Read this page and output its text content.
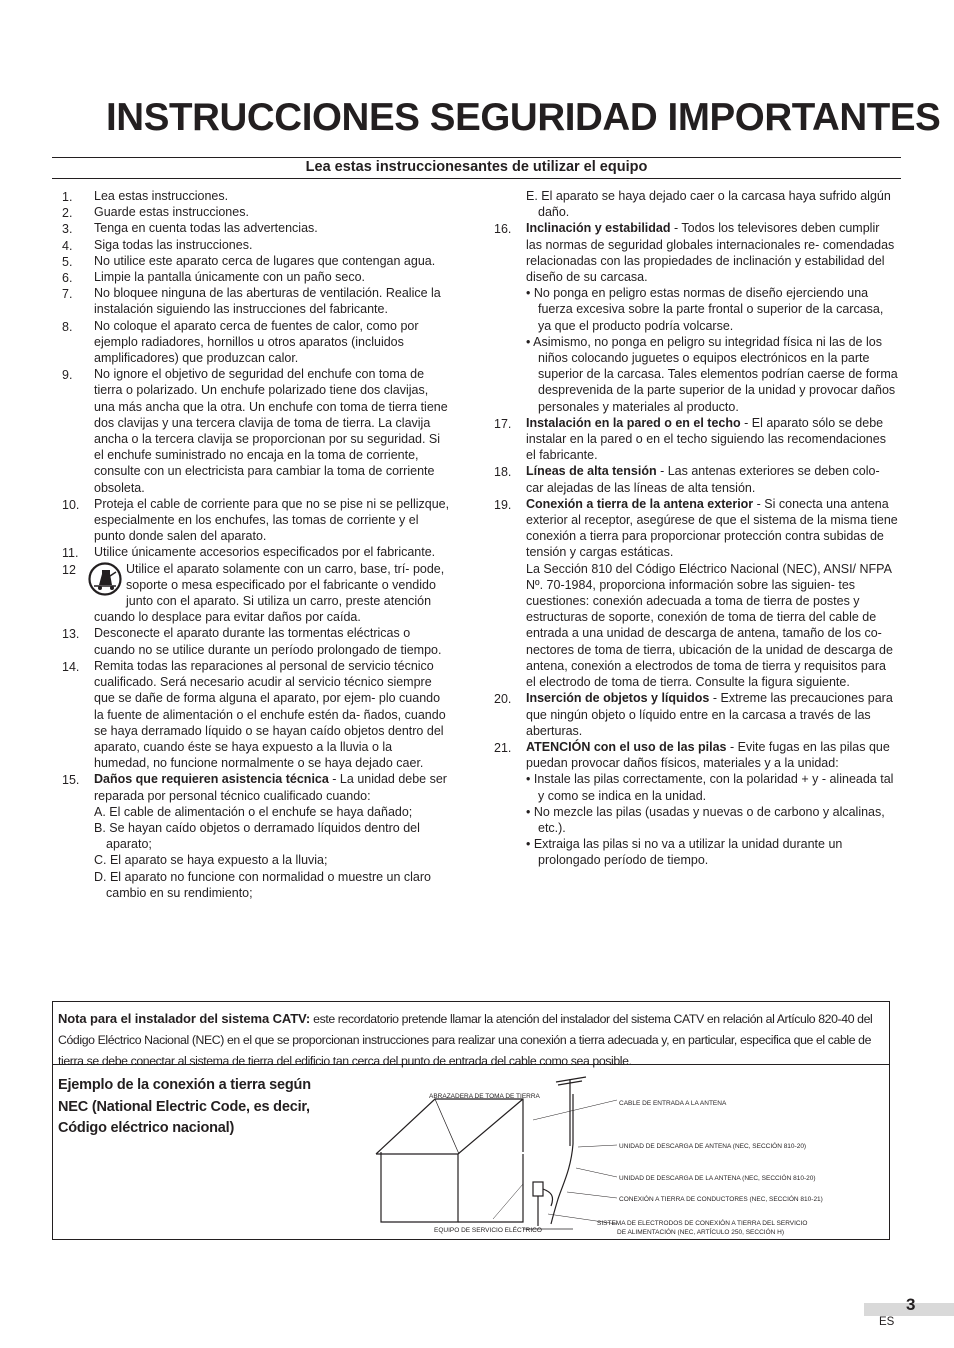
INSTRUCCIONES SEGURIDAD IMPORTANTES
Lea estas instruccionesantes de utilizar el equipo
1. Lea estas instrucciones.
2. Guarde estas instrucciones.
3. Tenga en cuenta todas las advertencias.
4. Siga todas las instrucciones.
5. No utilice este aparato cerca de lugares que contengan agua.
6. Limpie la pantalla únicamente con un paño seco.
7. No bloquee ninguna de las aberturas de ventilación. Realice la instalación siguiendo las instrucciones del fabricante.
8. No coloque el aparato cerca de fuentes de calor, como por ejemplo radiadores, hornillos u otros aparatos (incluidos amplificadores) que produzcan calor.
9. No ignore el objetivo de seguridad del enchufe con toma de tierra o polarizado. Un enchufe polarizado tiene dos clavijas, una más ancha que la otra. Un enchufe con toma de tierra tiene dos clavijas y una tercera clavija de toma de tierra. La clavija ancha o la tercera clavija se proporcionan por su seguridad. Si el enchufe suministrado no encaja en la toma de corriente, consulte con un electricista para cambiar la toma de corriente obsoleta.
10. Proteja el cable de corriente para que no se pise ni se pellizque, especialmente en los enchufes, las tomas de corriente y el punto donde salen del aparato.
11. Utilice únicamente accesorios especificados por el fabricante.
12	Utilice el aparato solamente con un carro, base, trí- pode, soporte o mesa especificado por el fabricante o vendido junto con el aparato. Si utiliza un carro, preste atención cuando lo desplace para evitar daños por caída.
13. Desconecte el aparato durante las tormentas eléctricas o cuando no se utilice durante un período prolongado de tiempo.
14. Remita todas las reparaciones al personal de servicio técnico cualificado. Será necesario acudir al servicio técnico siempre que se dañe de forma alguna el aparato, por ejem- plo cuando la fuente de alimentación o el enchufe estén da- ñados, cuando se haya derramado líquido o se hayan caído objetos dentro del aparato, cuando éste se haya expuesto a la lluvia o la humedad, no funcione normalmente o se haya dejado caer.
15. Daños que requieren asistencia técnica - La unidad debe ser reparada por personal técnico cualificado cuando:
A. El cable de alimentación o el enchufe se haya dañado;
B. Se hayan caído objetos o derramado líquidos dentro del aparato;
C. El aparato se haya expuesto a la lluvia;
D. El aparato no funcione con normalidad o muestre un claro cambio en su rendimiento;
E. El aparato se haya dejado caer o la carcasa haya sufrido algún daño.
16. Inclinación y estabilidad - Todos los televisores deben cumplir las normas de seguridad globales internacionales re- comendadas relacionadas con las propiedades de inclinación y estabilidad del diseño de su carcasa.
• No ponga en peligro estas normas de diseño ejerciendo una fuerza excesiva sobre la parte frontal o superior de la carcasa, ya que el producto podría volcarse.
• Asimismo, no ponga en peligro su integridad física ni las de los niños colocando juguetes o equipos electrónicos en la parte superior de la carcasa. Tales elementos podrían caerse de forma desprevenida de la parte superior de la unidad y provocar daños personales y materiales al producto.
17. Instalación en la pared o en el techo - El aparato sólo se debe instalar en la pared o en el techo siguiendo las recomendaciones el fabricante.
18. Líneas de alta tensión - Las antenas exteriores se deben colo- car alejadas de las líneas de alta tensión.
19. Conexión a tierra de la antena exterior - Si conecta una antena exterior al receptor, asegúrese de que el sistema de la misma tiene conexión a tierra para proporcionar protección contra subidas de tensión y cargas estáticas.
La Sección 810 del Código Eléctrico Nacional (NEC), ANSI/ NFPA Nº. 70-1984, proporciona información sobre las siguien- tes cuestiones: conexión adecuada a toma de tierra de postes y estructuras de soporte, conexión de toma de tierra del cable de entrada a una unidad de descarga de antena, tamaño de los co- nectores de toma de tierra, ubicación de la unidad de descarga de antena, conexión a electrodos de toma de tierra y requisitos para el electrodo de toma de tierra. Consulte la figura siguiente.
20. Inserción de objetos y líquidos - Extreme las precauciones para que ningún objeto o líquido entre en la carcasa a través de las aberturas.
21. ATENCIÓN con el uso de las pilas - Evite fugas en las pilas que puedan provocar daños físicos, materiales y a la unidad:
• Instale las pilas correctamente, con la polaridad + y - alineada tal y como se indica en la unidad.
• No mezcle las pilas (usadas y nuevas o de carbono y alcalinas, etc.).
• Extraiga las pilas si no va a utilizar la unidad durante un prolongado período de tiempo.
Nota para el instalador del sistema CATV: este recordatorio pretende llamar la atención del instalador del sistema CATV en relación al Artículo 820-40 del Código Eléctrico Nacional (NEC) en el que se proporcionan instrucciones para realizar una conexión a tierra adecuada y, en particular, especifica que el cable de tierra se debe conectar al sistema de tierra del edificio tan cerca del punto de entrada del cable como sea posible.
Ejemplo de la conexión a tierra según NEC (National Electric Code, es decir, Código eléctrico nacional)
ABRAZADERA DE TOMA DE TIERRA
CABLE DE ENTRADA A LA ANTENA
UNIDAD DE DESCARGA DE ANTENA (NEC, SECCIÓN 810-20)
UNIDAD DE DESCARGA DE LA ANTENA (NEC, SECCIÓN 810-20)
CONEXIÓN A TIERRA DE CONDUCTORES (NEC, SECCIÓN 810-21)
SISTEMA DE ELECTRODOS DE CONEXIÓN A TIERRA DEL SERVICIO
DE ALIMENTACIÓN (NEC, ARTÍCULO 250, SECCIÓN H)
EQUIPO DE SERVICIO ELÉCTRICO
3
ES
